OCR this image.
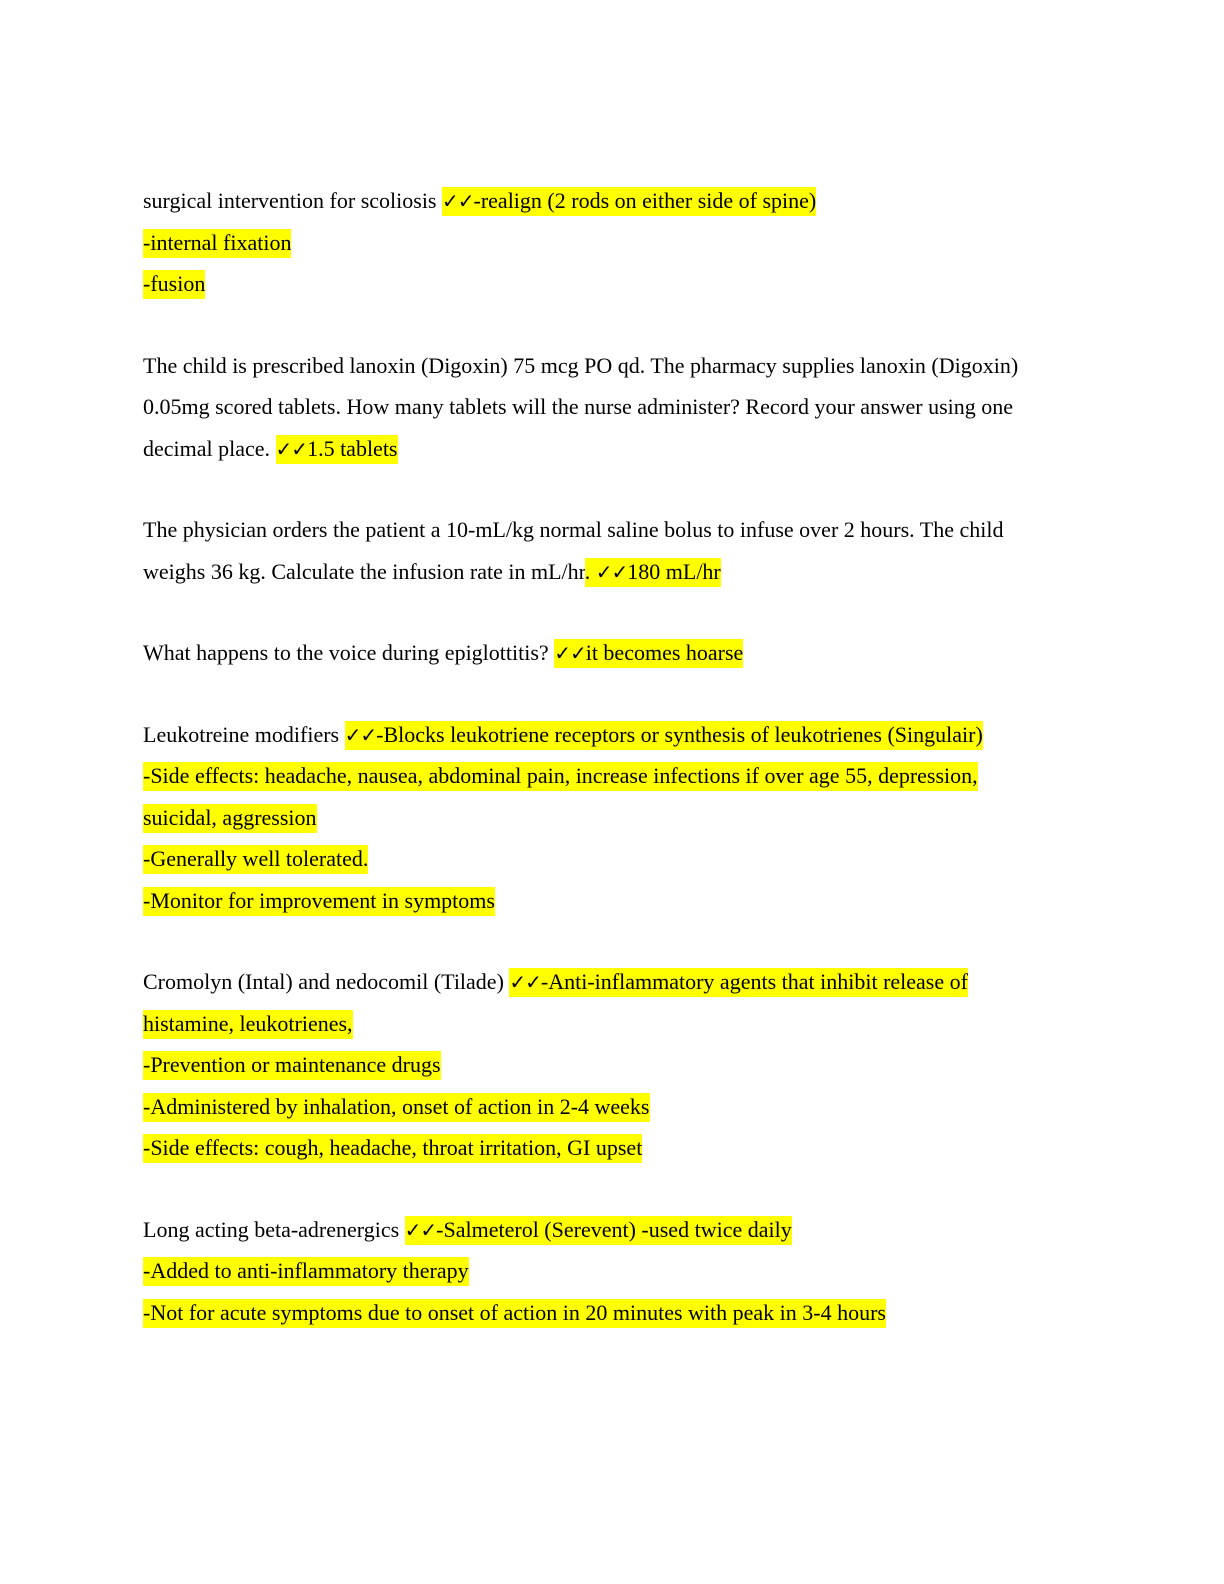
surgical intervention for scoliosis ✓✓-realign (2 rods on either side of spine)
-internal fixation
-fusion
The child is prescribed lanoxin (Digoxin) 75 mcg PO qd. The pharmacy supplies lanoxin (Digoxin)
0.05mg scored tablets. How many tablets will the nurse administer? Record your answer using one
decimal place. ✓✓1.5 tablets
The physician orders the patient a 10-mL/kg normal saline bolus to infuse over 2 hours. The child
weighs 36 kg. Calculate the infusion rate in mL/hr. ✓✓180 mL/hr
What happens to the voice during epiglottitis? ✓✓it becomes hoarse
Leukotreine modifiers ✓✓-Blocks leukotriene receptors or synthesis of leukotrienes (Singulair)
-Side effects: headache, nausea, abdominal pain, increase infections if over age 55, depression,
suicidal, aggression
-Generally well tolerated.
-Monitor for improvement in symptoms
Cromolyn (Intal) and nedocomil (Tilade) ✓✓-Anti-inflammatory agents that inhibit release of
histamine, leukotrienes,
-Prevention or maintenance drugs
-Administered by inhalation, onset of action in 2-4 weeks
-Side effects: cough, headache, throat irritation, GI upset
Long acting beta-adrenergics ✓✓-Salmeterol (Serevent) -used twice daily
-Added to anti-inflammatory therapy
-Not for acute symptoms due to onset of action in 20 minutes with peak in 3-4 hours
